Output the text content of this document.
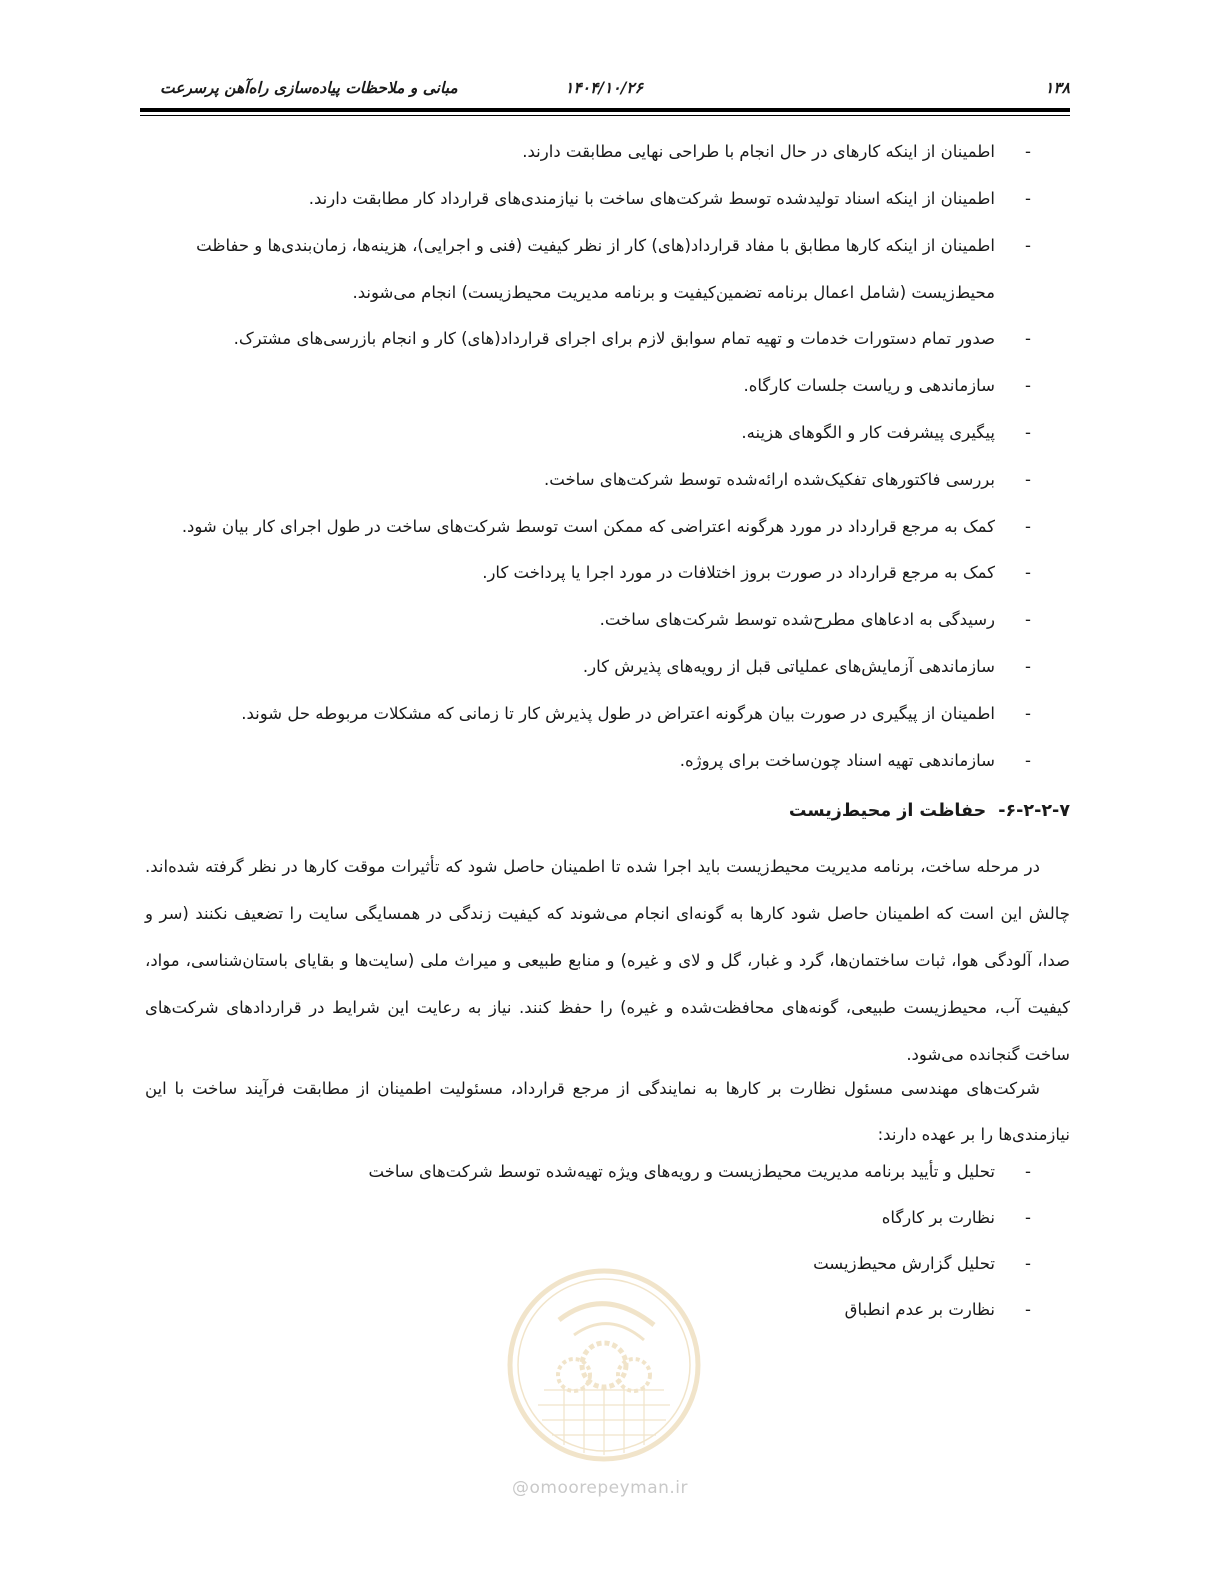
۱۳۸
۱۴۰۴/۱۰/۲۶
مبانی و ملاحظات پیاده‌سازی راه‌آهن پرسرعت
-
اطمینان از اینکه کارهای در حال انجام با طراحی نهایی مطابقت دارند.
-
اطمینان از اینکه اسناد تولیدشده توسط شرکت‌های ساخت با نیازمندی‌های قرارداد کار مطابقت دارند.
-
اطمینان از اینکه کارها مطابق با مفاد قرارداد(های) کار از نظر کیفیت (فنی و اجرایی)، هزینه‌ها، زمان‌بندی‌ها و حفاظت محیط‌زیست (شامل اعمال برنامه تضمین‌کیفیت و برنامه مدیریت محیط‌زیست) انجام می‌شوند.
-
صدور تمام دستورات خدمات و تهیه تمام سوابق لازم برای اجرای قرارداد(های) کار و انجام بازرسی‌های مشترک.
-
سازماندهی و ریاست جلسات کارگاه.
-
پیگیری پیشرفت کار و الگوهای هزینه.
-
بررسی فاکتورهای تفکیک‌شده ارائه‌شده توسط شرکت‌های ساخت.
-
کمک به مرجع قرارداد در مورد هرگونه اعتراضی که ممکن است توسط شرکت‌های ساخت در طول اجرای کار بیان شود.
-
کمک به مرجع قرارداد در صورت بروز اختلافات در مورد اجرا یا پرداخت کار.
-
رسیدگی به ادعاهای مطرح‌شده توسط شرکت‌های ساخت.
-
سازماندهی آزمایش‌های عملیاتی قبل از رویه‌های پذیرش کار.
-
اطمینان از پیگیری در صورت بیان هرگونه اعتراض در طول پذیرش کار تا زمانی که مشکلات مربوطه حل شوند.
-
سازماندهی تهیه اسناد چون‌ساخت برای پروژه.
۶-۲-۲-۷-حفاظت از محیط‌زیست

در مرحله ساخت، برنامه مدیریت محیط‌زیست باید اجرا شده تا اطمینان حاصل شود که تأثیرات موقت کارها در نظر گرفته شده‌اند. چالش این است که اطمینان حاصل شود کارها به گونه‌ای انجام می‌شوند که کیفیت زندگی در همسایگی سایت را تضعیف نکنند (سر و صدا، آلودگی هوا، ثبات ساختمان‌ها، گرد و غبار، گل و لای و غیره) و منابع طبیعی و میراث ملی (سایت‌ها و بقایای باستان‌شناسی، مواد، کیفیت آب، محیط‌زیست طبیعی، گونه‌های محافظت‌شده و غیره) را حفظ کنند. نیاز به رعایت این شرایط در قراردادهای شرکت‌های ساخت گنجانده می‌شود.

شرکت‌های مهندسی مسئول نظارت بر کارها به نمایندگی از مرجع قرارداد، مسئولیت اطمینان از مطابقت فرآیند ساخت با این نیازمندی‌ها را بر عهده دارند:

-
تحلیل و تأیید برنامه مدیریت محیط‌زیست و رویه‌های ویژه تهیه‌شده توسط شرکت‌های ساخت
-
نظارت بر کارگاه
-
تحلیل گزارش محیط‌زیست
-
نظارت بر عدم انطباق
@omoorepeyman.ir
